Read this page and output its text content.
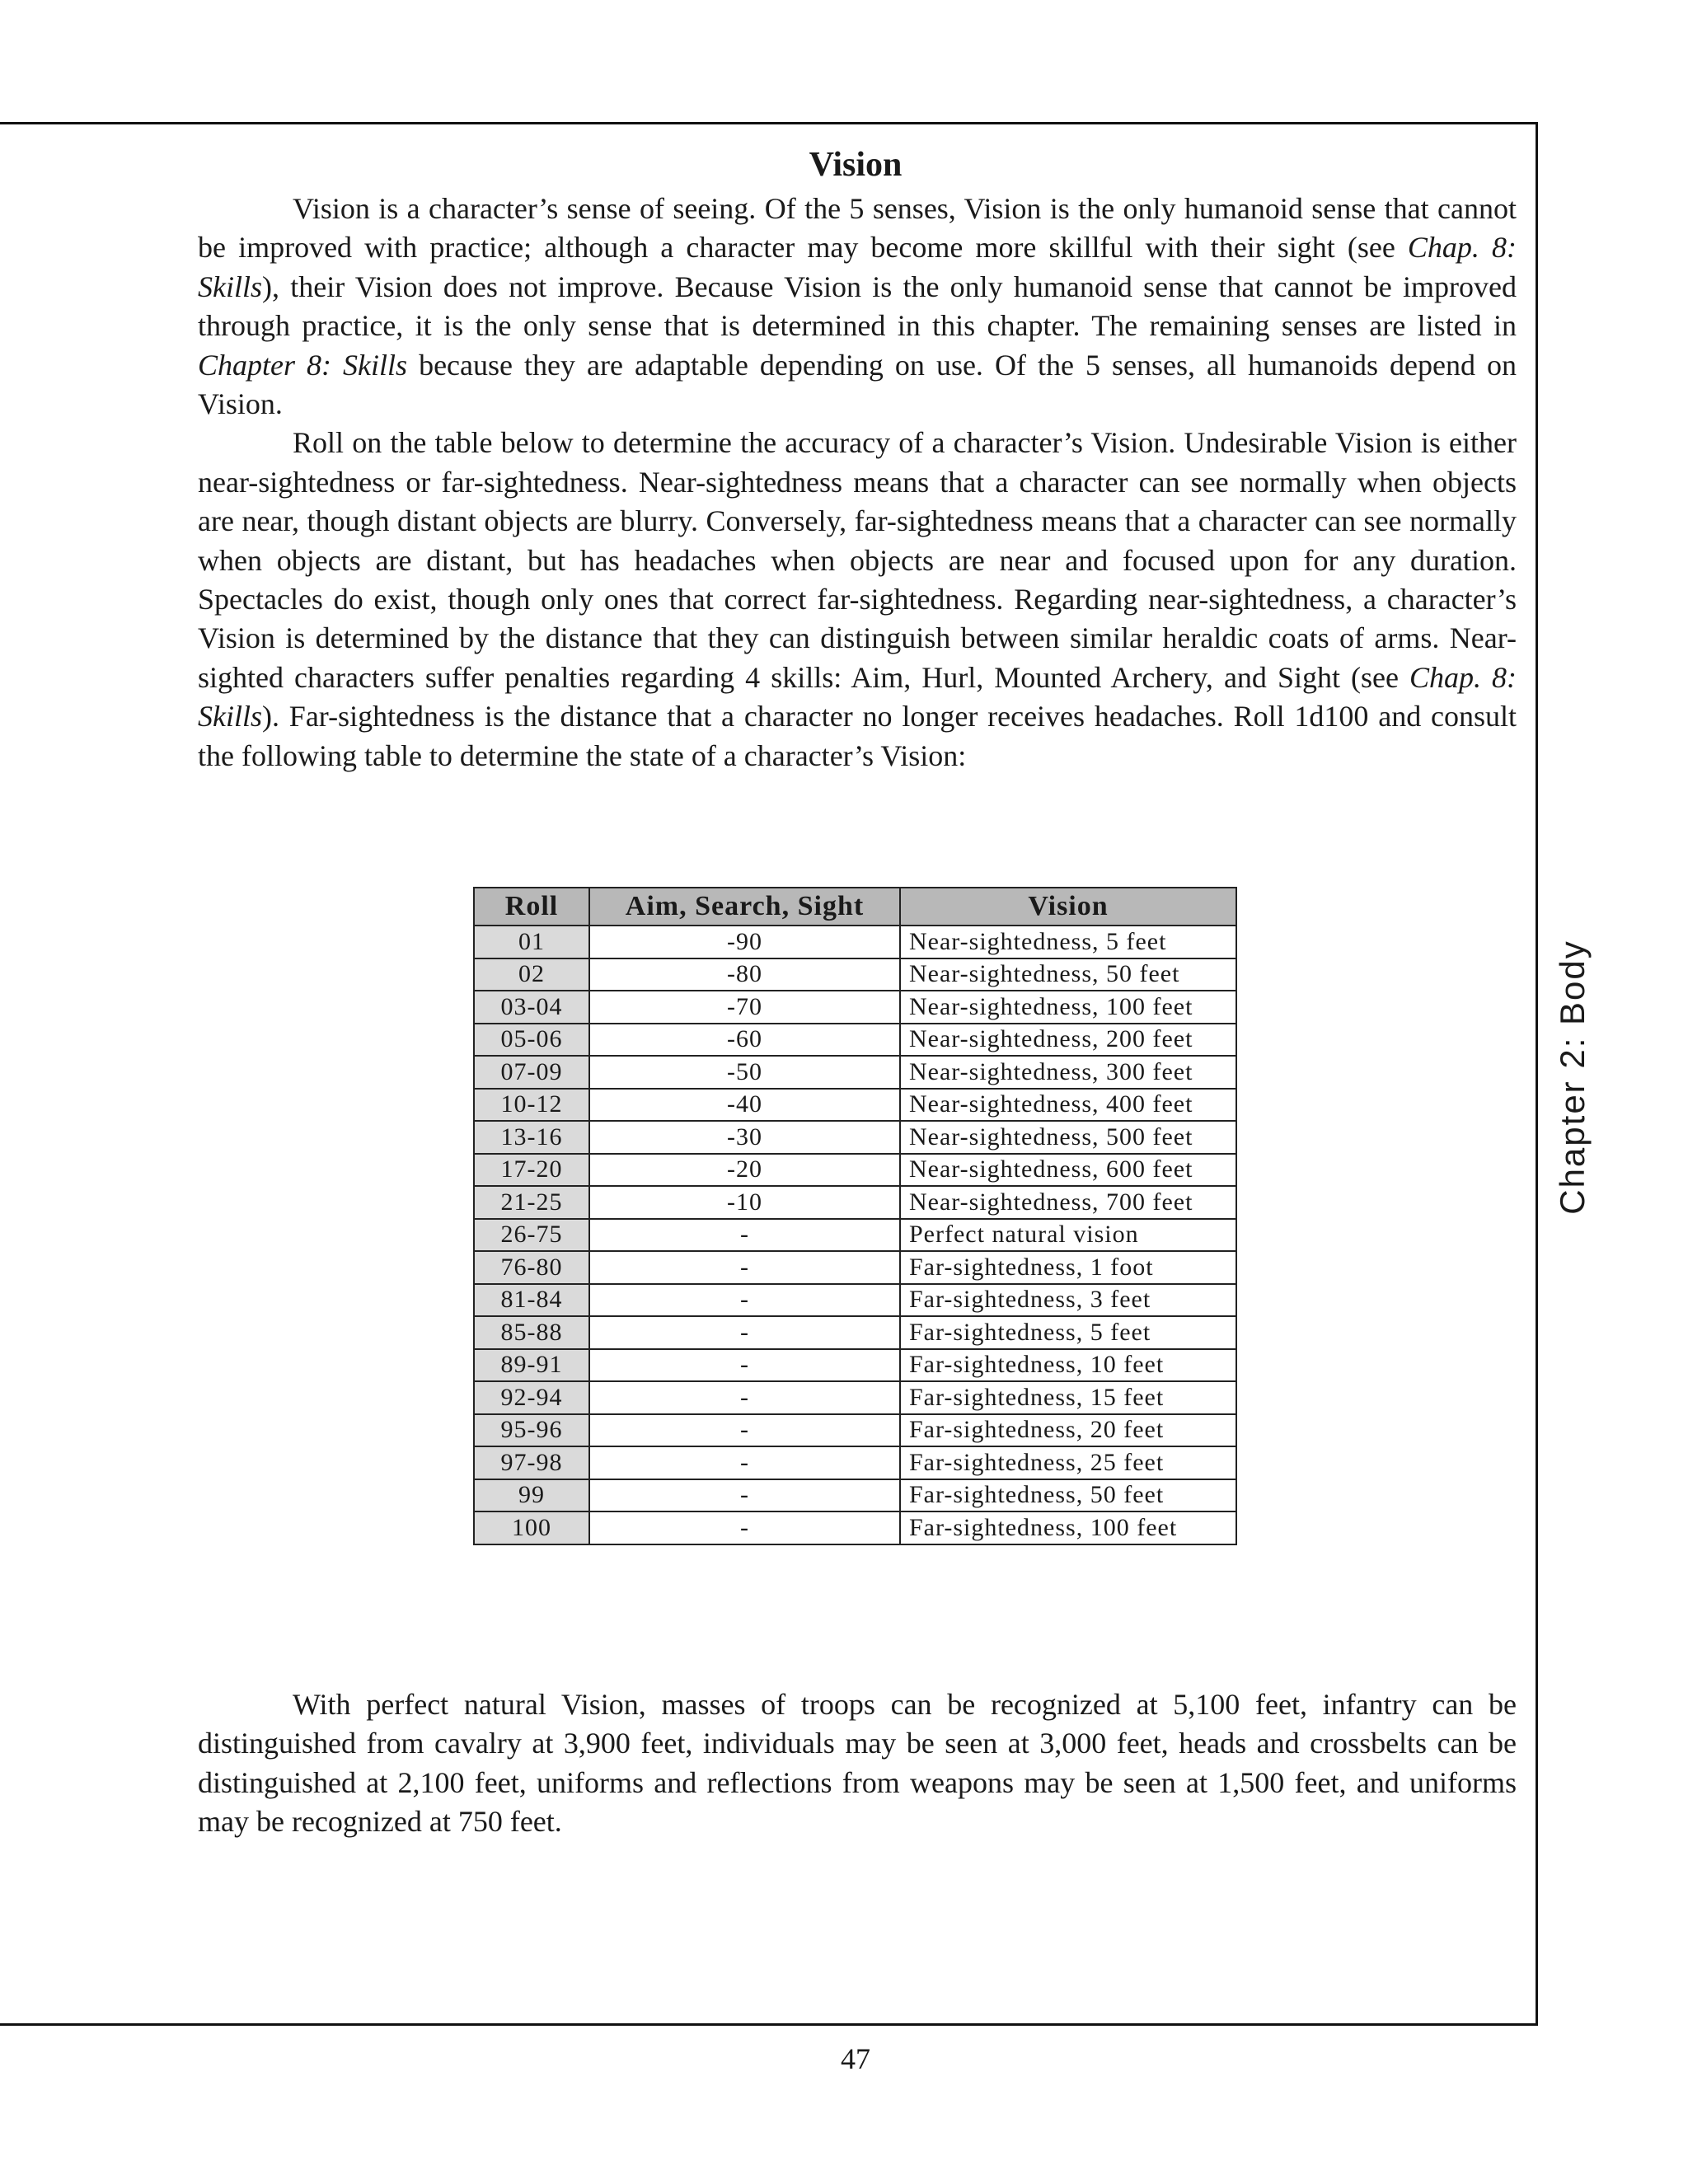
Vision

Vision is a character’s sense of seeing. Of the 5 senses, Vision is the only humanoid sense that cannot be improved with practice; although a character may become more skillful with their sight (see Chap. 8: Skills), their Vision does not improve. Because Vision is the only humanoid sense that cannot be improved through practice, it is the only sense that is determined in this chapter. The remaining senses are listed in Chapter 8: Skills because they are adaptable depending on use. Of the 5 senses, all humanoids depend on Vision.

Roll on the table below to determine the accuracy of a character’s Vision. Undesirable Vision is either near-sightedness or far-sightedness. Near-sightedness means that a character can see normally when objects are near, though distant objects are blurry. Conversely, far-sightedness means that a character can see normally when objects are distant, but has headaches when objects are near and focused upon for any duration. Spectacles do exist, though only ones that correct far-sightedness. Regarding near-sightedness, a character’s Vision is determined by the distance that they can distinguish between similar heraldic coats of arms. Near-sighted characters suffer penalties regarding 4 skills: Aim, Hurl, Mounted Archery, and Sight (see Chap. 8: Skills). Far-sightedness is the distance that a character no longer receives headaches. Roll 1d100 and consult the following table to determine the state of a character’s Vision:

Roll	Aim, Search, Sight	Vision
01	-90	Near-sightedness, 5 feet
02	-80	Near-sightedness, 50 feet
03-04	-70	Near-sightedness, 100 feet
05-06	-60	Near-sightedness, 200 feet
07-09	-50	Near-sightedness, 300 feet
10-12	-40	Near-sightedness, 400 feet
13-16	-30	Near-sightedness, 500 feet
17-20	-20	Near-sightedness, 600 feet
21-25	-10	Near-sightedness, 700 feet
26-75	-	Perfect natural vision
76-80	-	Far-sightedness, 1 foot
81-84	-	Far-sightedness, 3 feet
85-88	-	Far-sightedness, 5 feet
89-91	-	Far-sightedness, 10 feet
92-94	-	Far-sightedness, 15 feet
95-96	-	Far-sightedness, 20 feet
97-98	-	Far-sightedness, 25 feet
99	-	Far-sightedness, 50 feet
100	-	Far-sightedness, 100 feet

With perfect natural Vision, masses of troops can be recognized at 5,100 feet, infantry can be distinguished from cavalry at 3,900 feet, individuals may be seen at 3,000 feet, heads and crossbelts can be distinguished at 2,100 feet, uniforms and reflections from weapons may be seen at 1,500 feet, and uniforms may be recognized at 750 feet.

Chapter 2: Body
47
